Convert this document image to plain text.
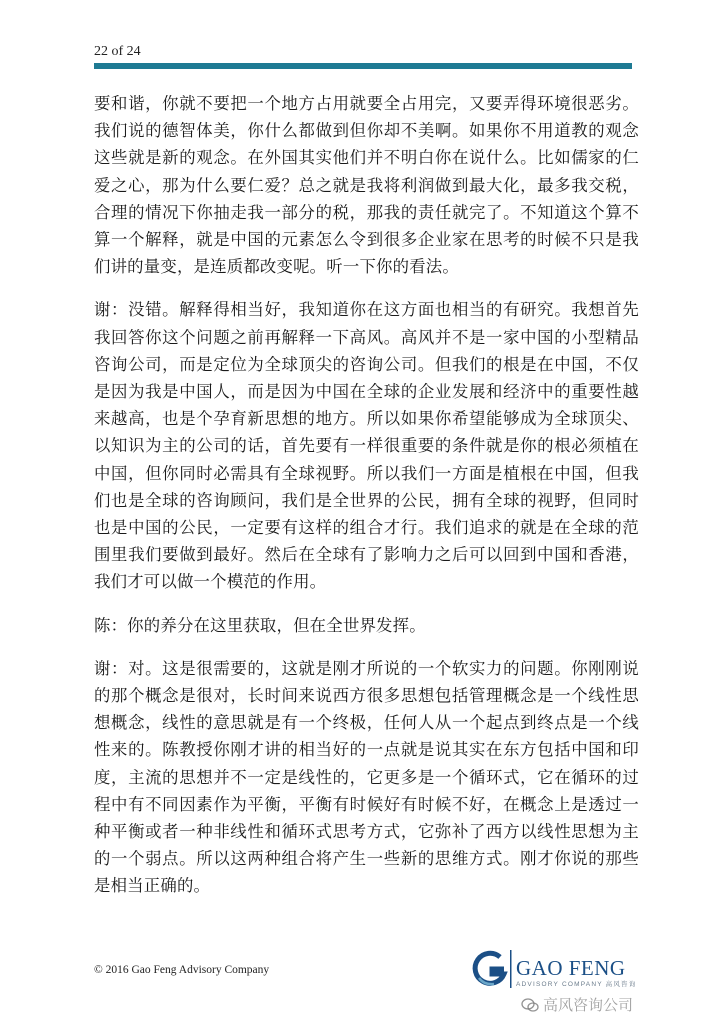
22 of 24

要和谐，你就不要把一个地方占用就要全占用完，又要弄得环境很恶劣。我们说的德智体美，你什么都做到但你却不美啊。如果你不用道教的观念这些就是新的观念。在外国其实他们并不明白你在说什么。比如儒家的仁爱之心，那为什么要仁爱？总之就是我将利润做到最大化，最多我交税，合理的情况下你抽走我一部分的税，那我的责任就完了。不知道这个算不算一个解释，就是中国的元素怎么令到很多企业家在思考的时候不只是我们讲的量变，是连质都改变呢。听一下你的看法。

谢：没错。解释得相当好，我知道你在这方面也相当的有研究。我想首先我回答你这个问题之前再解释一下高风。高风并不是一家中国的小型精品咨询公司，而是定位为全球顶尖的咨询公司。但我们的根是在中国，不仅是因为我是中国人，而是因为中国在全球的企业发展和经济中的重要性越来越高，也是个孕育新思想的地方。所以如果你希望能够成为全球顶尖、以知识为主的公司的话，首先要有一样很重要的条件就是你的根必须植在中国，但你同时必需具有全球视野。所以我们一方面是植根在中国，但我们也是全球的咨询顾问，我们是全世界的公民，拥有全球的视野，但同时也是中国的公民，一定要有这样的组合才行。我们追求的就是在全球的范围里我们要做到最好。然后在全球有了影响力之后可以回到中国和香港，我们才可以做一个模范的作用。

陈：你的养分在这里获取，但在全世界发挥。

谢：对。这是很需要的，这就是刚才所说的一个软实力的问题。你刚刚说的那个概念是很对，长时间来说西方很多思想包括管理概念是一个线性思想概念，线性的意思就是有一个终极，任何人从一个起点到终点是一个线性来的。陈教授你刚才讲的相当好的一点就是说其实在东方包括中国和印度，主流的思想并不一定是线性的，它更多是一个循环式，它在循环的过程中有不同因素作为平衡，平衡有时候好有时候不好，在概念上是透过一种平衡或者一种非线性和循环式思考方式，它弥补了西方以线性思想为主的一个弱点。所以这两种组合将产生一些新的思维方式。刚才你说的那些是相当正确的。

© 2016 Gao Feng Advisory Company	GAO FENG
ADVISORY COMPANY 高风咨询
高风咨询公司
